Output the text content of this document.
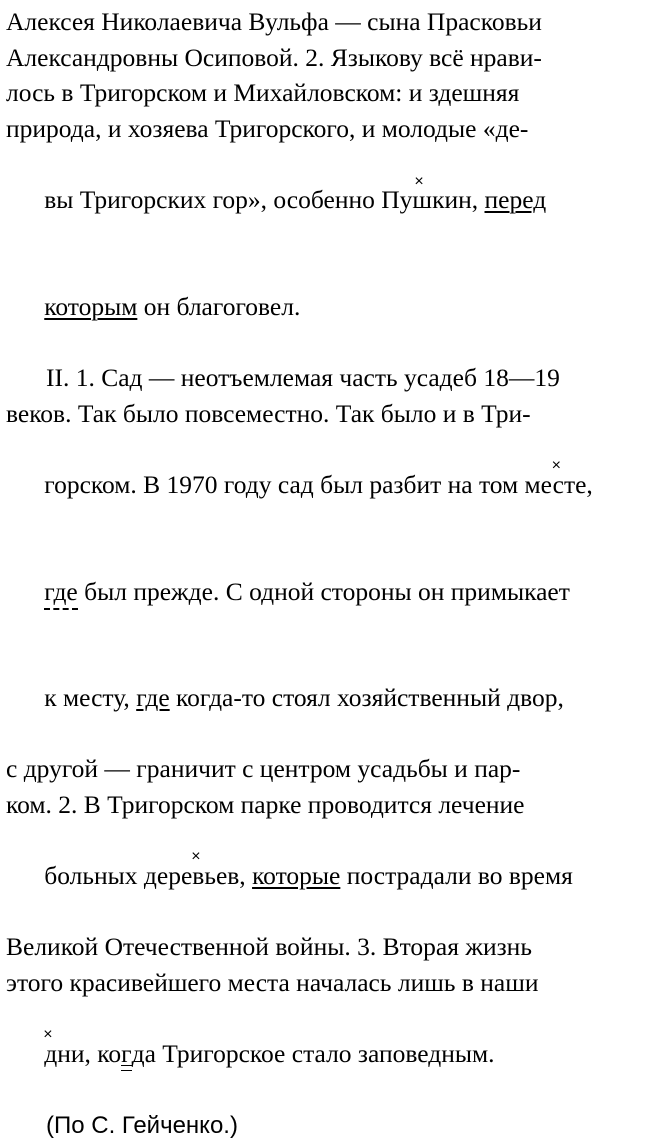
Алексея Николаевича Вульфа — сына Прасковьи
Александровны Осиповой. 2. Языкову всё нрави-
лось в Тригорском и Михайловском: и здешняя
природа, и хозяева Тригорского, и молодые «де-

вы Тригорских гор», особенно Пуш
×
кин, перед

которым он благоговел.

II. 1. Сад — неотъемлемая часть усадеб 18—19
веков. Так было повсеместно. Так было и в Три-

горском. В 1970 году сад был разбит на том мес
×
те,

где был прежде. С одной стороны он примыкает

к месту, где когда-то стоял хозяйственный двор,

с другой — граничит с центром усадьбы и пар-
ком. 2. В Тригорском парке проводится лечение

больных дерев
×
ьев, которые пострадали во время

Великой Отечественной войны. 3. Вторая жизнь
этого красивейшего места началась лишь в наши

д
×
ни, когда Тригорское стало заповедным.

(По С. Гейченко.)
